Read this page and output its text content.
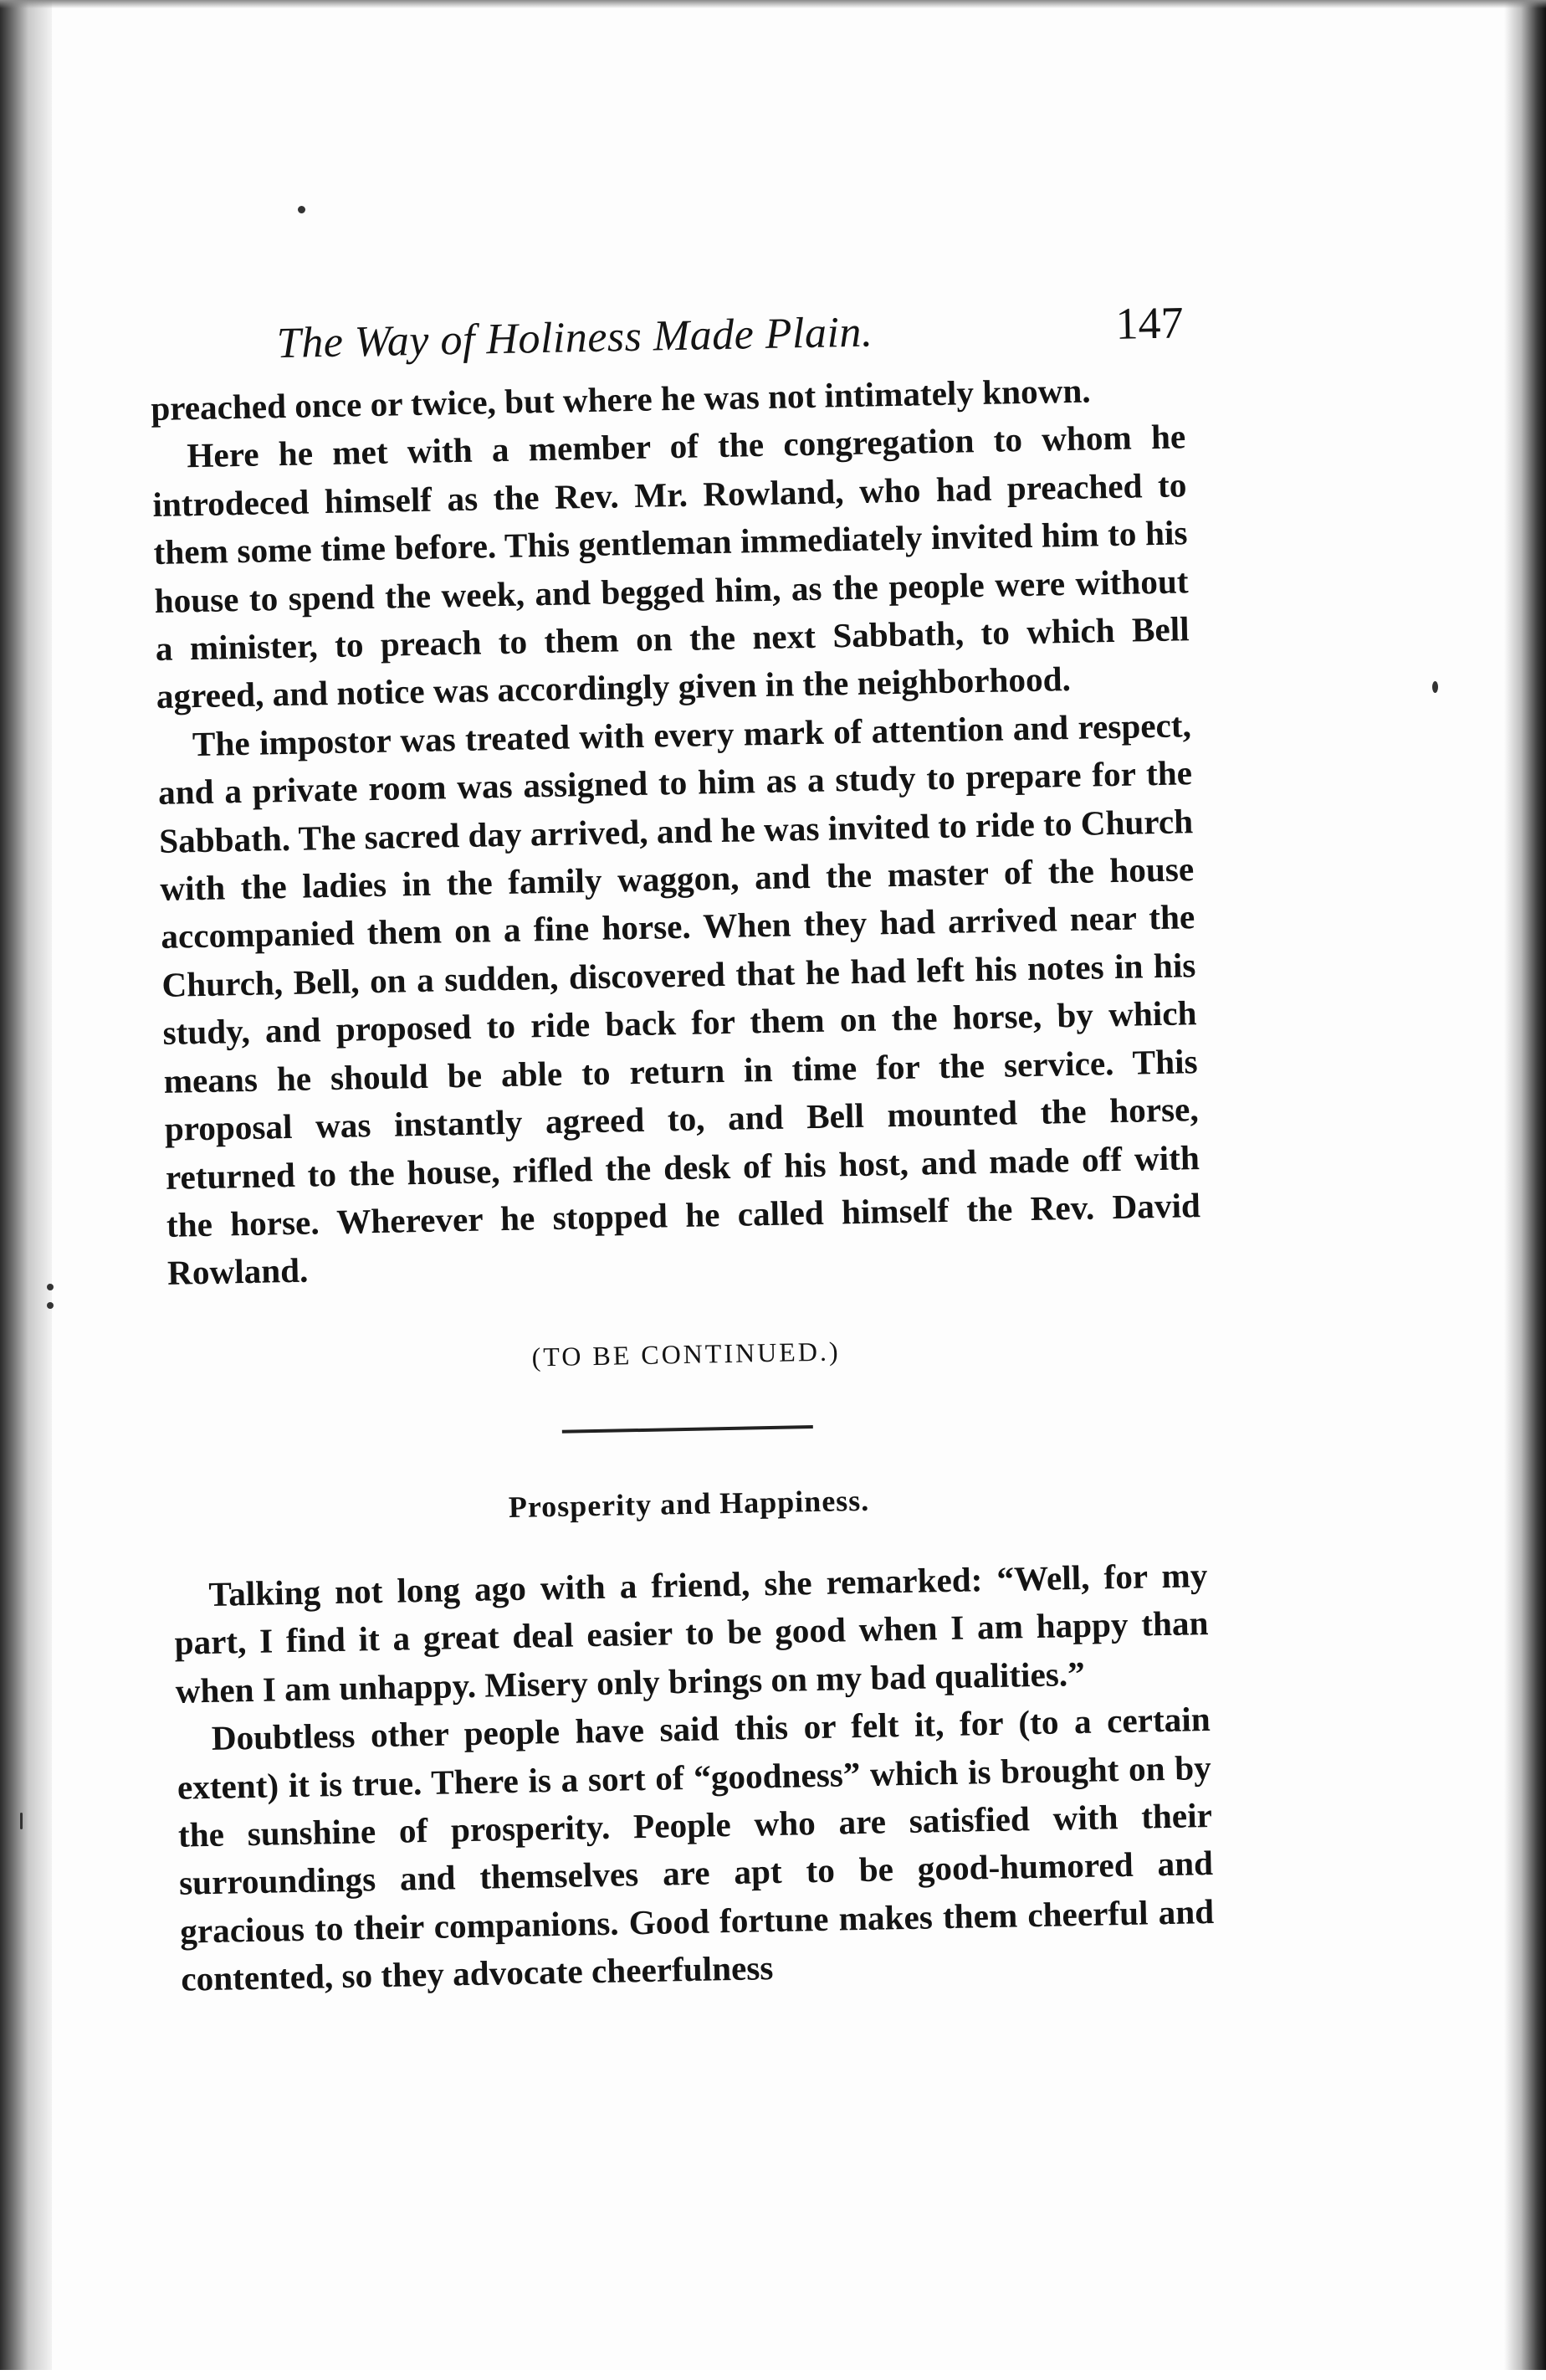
The Way of Holiness Made Plain.	147

preached once or twice, but where he was not intimately known.

Here he met with a member of the congregation to whom he introdeced himself as the Rev. Mr. Rowland, who had preached to them some time before. This gentleman immediately invited him to his house to spend the week, and begged him, as the people were without a minister, to preach to them on the next Sabbath, to which Bell agreed, and notice was accordingly given in the neighborhood.

The impostor was treated with every mark of attention and respect, and a private room was assigned to him as a study to prepare for the Sabbath. The sacred day arrived, and he was invited to ride to Church with the ladies in the family waggon, and the master of the house accompanied them on a fine horse. When they had arrived near the Church, Bell, on a sudden, discovered that he had left his notes in his study, and proposed to ride back for them on the horse, by which means he should be able to return in time for the service. This proposal was instantly agreed to, and Bell mounted the horse, returned to the house, rifled the desk of his host, and made off with the horse. Wherever he stopped he called himself the Rev. David Rowland.

(TO BE CONTINUED.)
Prosperity and Happiness.

Talking not long ago with a friend, she remarked: “Well, for my part, I find it a great deal easier to be good when I am happy than when I am unhappy. Misery only brings on my bad qualities.”

Doubtless other people have said this or felt it, for (to a certain extent) it is true. There is a sort of “goodness” which is brought on by the sunshine of prosperity. People who are satisfied with their surroundings and themselves are apt to be good-humored and gracious to their companions. Good fortune makes them cheerful and contented, so they advocate cheerfulness
